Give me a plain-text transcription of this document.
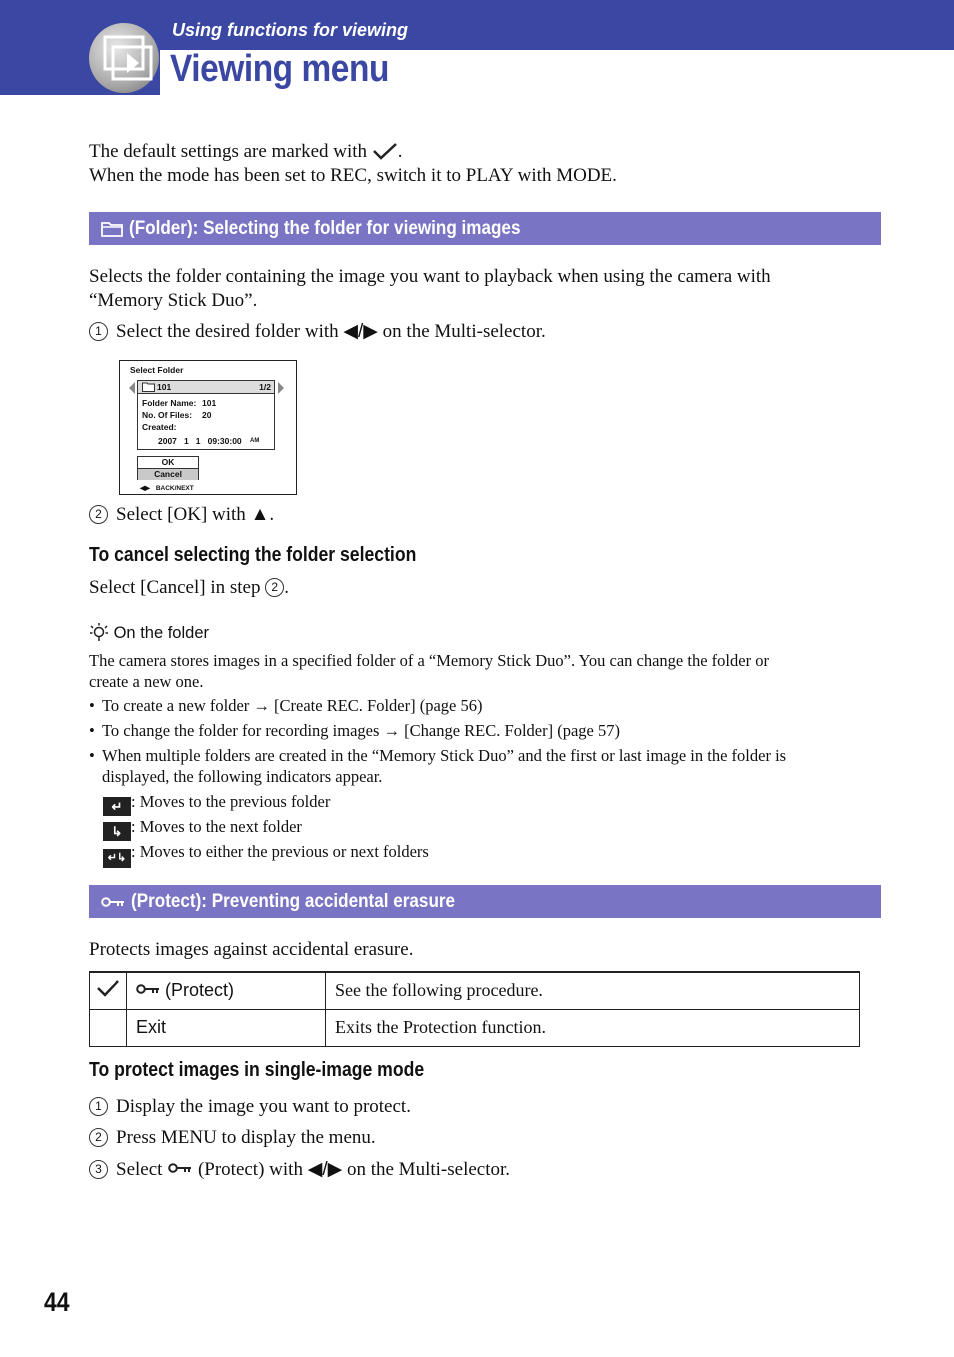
Using functions for viewing
Viewing menu
The default settings are marked with .
When the mode has been set to REC, switch it to PLAY with MODE.
(Folder): Selecting the folder for viewing images
Selects the folder containing the image you want to playback when using the camera with
“Memory Stick Duo”.
1 Select the desired folder with ◀/▶ on the Multi-selector.
Select Folder
101	1/2
Folder Name: 101
No. Of Files: 20
Created:
2007   1   1   09:30:00 AM
OK
Cancel
◀▶ BACK/NEXT
2 Select [OK] with ▲.
To cancel selecting the folder selection
Select [Cancel] in step 2 .
On the folder
The camera stores images in a specified folder of a “Memory Stick Duo”. You can change the folder or
create a new one.
• To create a new folder → [Create REC. Folder] (page 56)
• To change the folder for recording images → [Change REC. Folder] (page 57)
• When multiple folders are created in the “Memory Stick Duo” and the first or last image in the folder is
displayed, the following indicators appear.
↵ : Moves to the previous folder
↳ : Moves to the next folder
↵↳ : Moves to either the previous or next folders
(Protect): Preventing accidental erasure
Protects images against accidental erasure.
	(Protect)	See the following procedure.
	Exit	Exits the Protection function.
To protect images in single-image mode
1 Display the image you want to protect.
2 Press MENU to display the menu.
3 Select (Protect) with ◀/▶ on the Multi-selector.
44
